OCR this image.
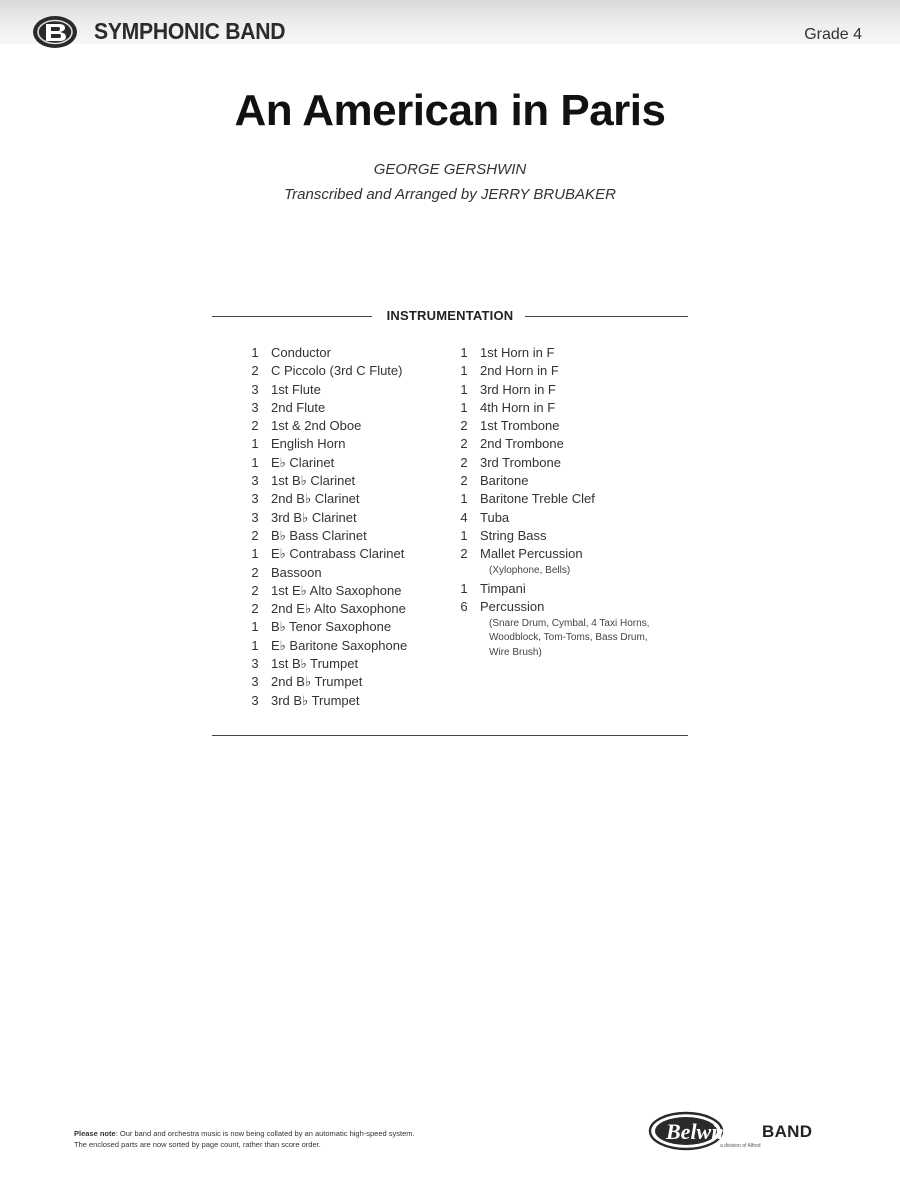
SYMPHONIC BAND	Grade 4
An American in Paris
GEORGE GERSHWIN
Transcribed and Arranged by JERRY BRUBAKER
INSTRUMENTATION
1 Conductor
2 C Piccolo (3rd C Flute)
3 1st Flute
3 2nd Flute
2 1st & 2nd Oboe
1 English Horn
1 E♭ Clarinet
3 1st B♭ Clarinet
3 2nd B♭ Clarinet
3 3rd B♭ Clarinet
2 B♭ Bass Clarinet
1 E♭ Contrabass Clarinet
2 Bassoon
2 1st E♭ Alto Saxophone
2 2nd E♭ Alto Saxophone
1 B♭ Tenor Saxophone
1 E♭ Baritone Saxophone
3 1st B♭ Trumpet
3 2nd B♭ Trumpet
3 3rd B♭ Trumpet
1 1st Horn in F
1 2nd Horn in F
1 3rd Horn in F
1 4th Horn in F
2 1st Trombone
2 2nd Trombone
2 3rd Trombone
2 Baritone
1 Baritone Treble Clef
4 Tuba
1 String Bass
2 Mallet Percussion
(Xylophone, Bells)
1 Timpani
6 Percussion
(Snare Drum, Cymbal, 4 Taxi Horns,
Woodblock, Tom-Toms, Bass Drum,
Wire Brush)
Please note: Our band and orchestra music is now being collated by an automatic high-speed system.
The enclosed parts are now sorted by page count, rather than score order.
Belwin BAND
a division of Alfred
